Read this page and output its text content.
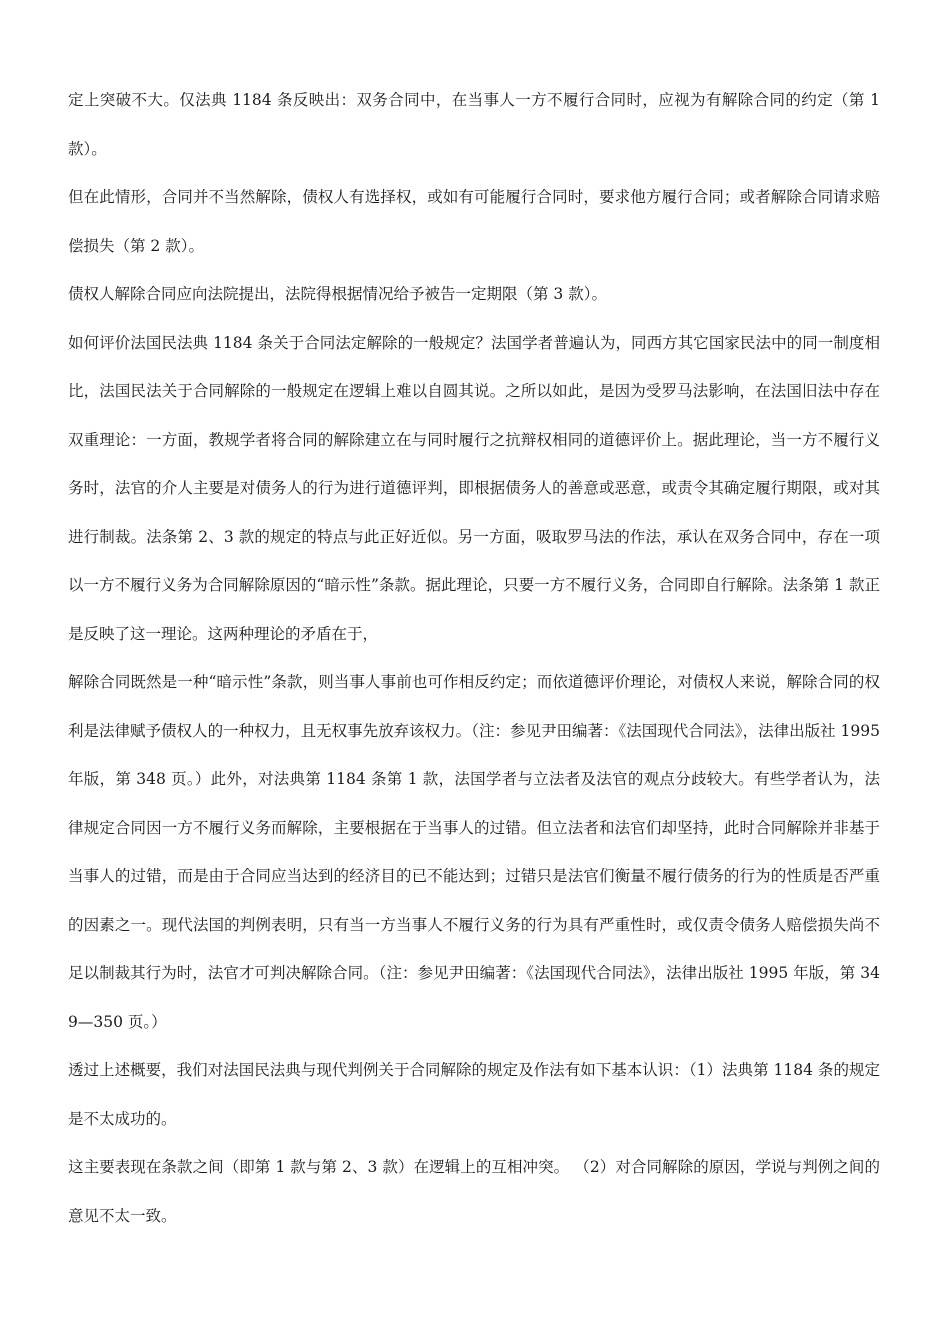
定上突破不大。仅法典 1184 条反映出：双务合同中，在当事人一方不履行合同时，应视为有解除合同的约定（第 1 款）。

但在此情形，合同并不当然解除，债权人有选择权，或如有可能履行合同时，要求他方履行合同；或者解除合同请求赔偿损失（第 2 款）。

债权人解除合同应向法院提出，法院得根据情况给予被告一定期限（第 3 款）。

如何评价法国民法典 1184 条关于合同法定解除的一般规定？法国学者普遍认为，同西方其它国家民法中的同一制度相比，法国民法关于合同解除的一般规定在逻辑上难以自圆其说。之所以如此，是因为受罗马法影响，在法国旧法中存在双重理论：一方面，教规学者将合同的解除建立在与同时履行之抗辩权相同的道德评价上。据此理论，当一方不履行义务时，法官的介人主要是对债务人的行为进行道德评判，即根据债务人的善意或恶意，或责令其确定履行期限，或对其进行制裁。法条第 2、3 款的规定的特点与此正好近似。另一方面，吸取罗马法的作法，承认在双务合同中，存在一项以一方不履行义务为合同解除原因的“暗示性”条款。据此理论，只要一方不履行义务，合同即自行解除。法条第 1 款正是反映了这一理论。这两种理论的矛盾在于，

解除合同既然是一种“暗示性”条款，则当事人事前也可作相反约定；而依道德评价理论，对债权人来说，解除合同的权利是法律赋予债权人的一种权力，且无权事先放弃该权力。（注：参见尹田编著：《法国现代合同法》，法律出版社 1995 年版，第 348 页。）此外，对法典第 1184 条第 1 款，法国学者与立法者及法官的观点分歧较大。有些学者认为，法律规定合同因一方不履行义务而解除，主要根据在于当事人的过错。但立法者和法官们却坚持，此时合同解除并非基于当事人的过错，而是由于合同应当达到的经济目的已不能达到；过错只是法官们衡量不履行债务的行为的性质是否严重的因素之一。现代法国的判例表明，只有当一方当事人不履行义务的行为具有严重性时，或仅责令债务人赔偿损失尚不足以制裁其行为时，法官才可判决解除合同。（注：参见尹田编著：《法国现代合同法》，法律出版社 1995 年版，第 349—350 页。）

透过上述概要，我们对法国民法典与现代判例关于合同解除的规定及作法有如下基本认识：（1）法典第 1184 条的规定是不太成功的。

这主要表现在条款之间（即第 1 款与第 2、3 款）在逻辑上的互相冲突。 （2）对合同解除的原因，学说与判例之间的意见不太一致。
